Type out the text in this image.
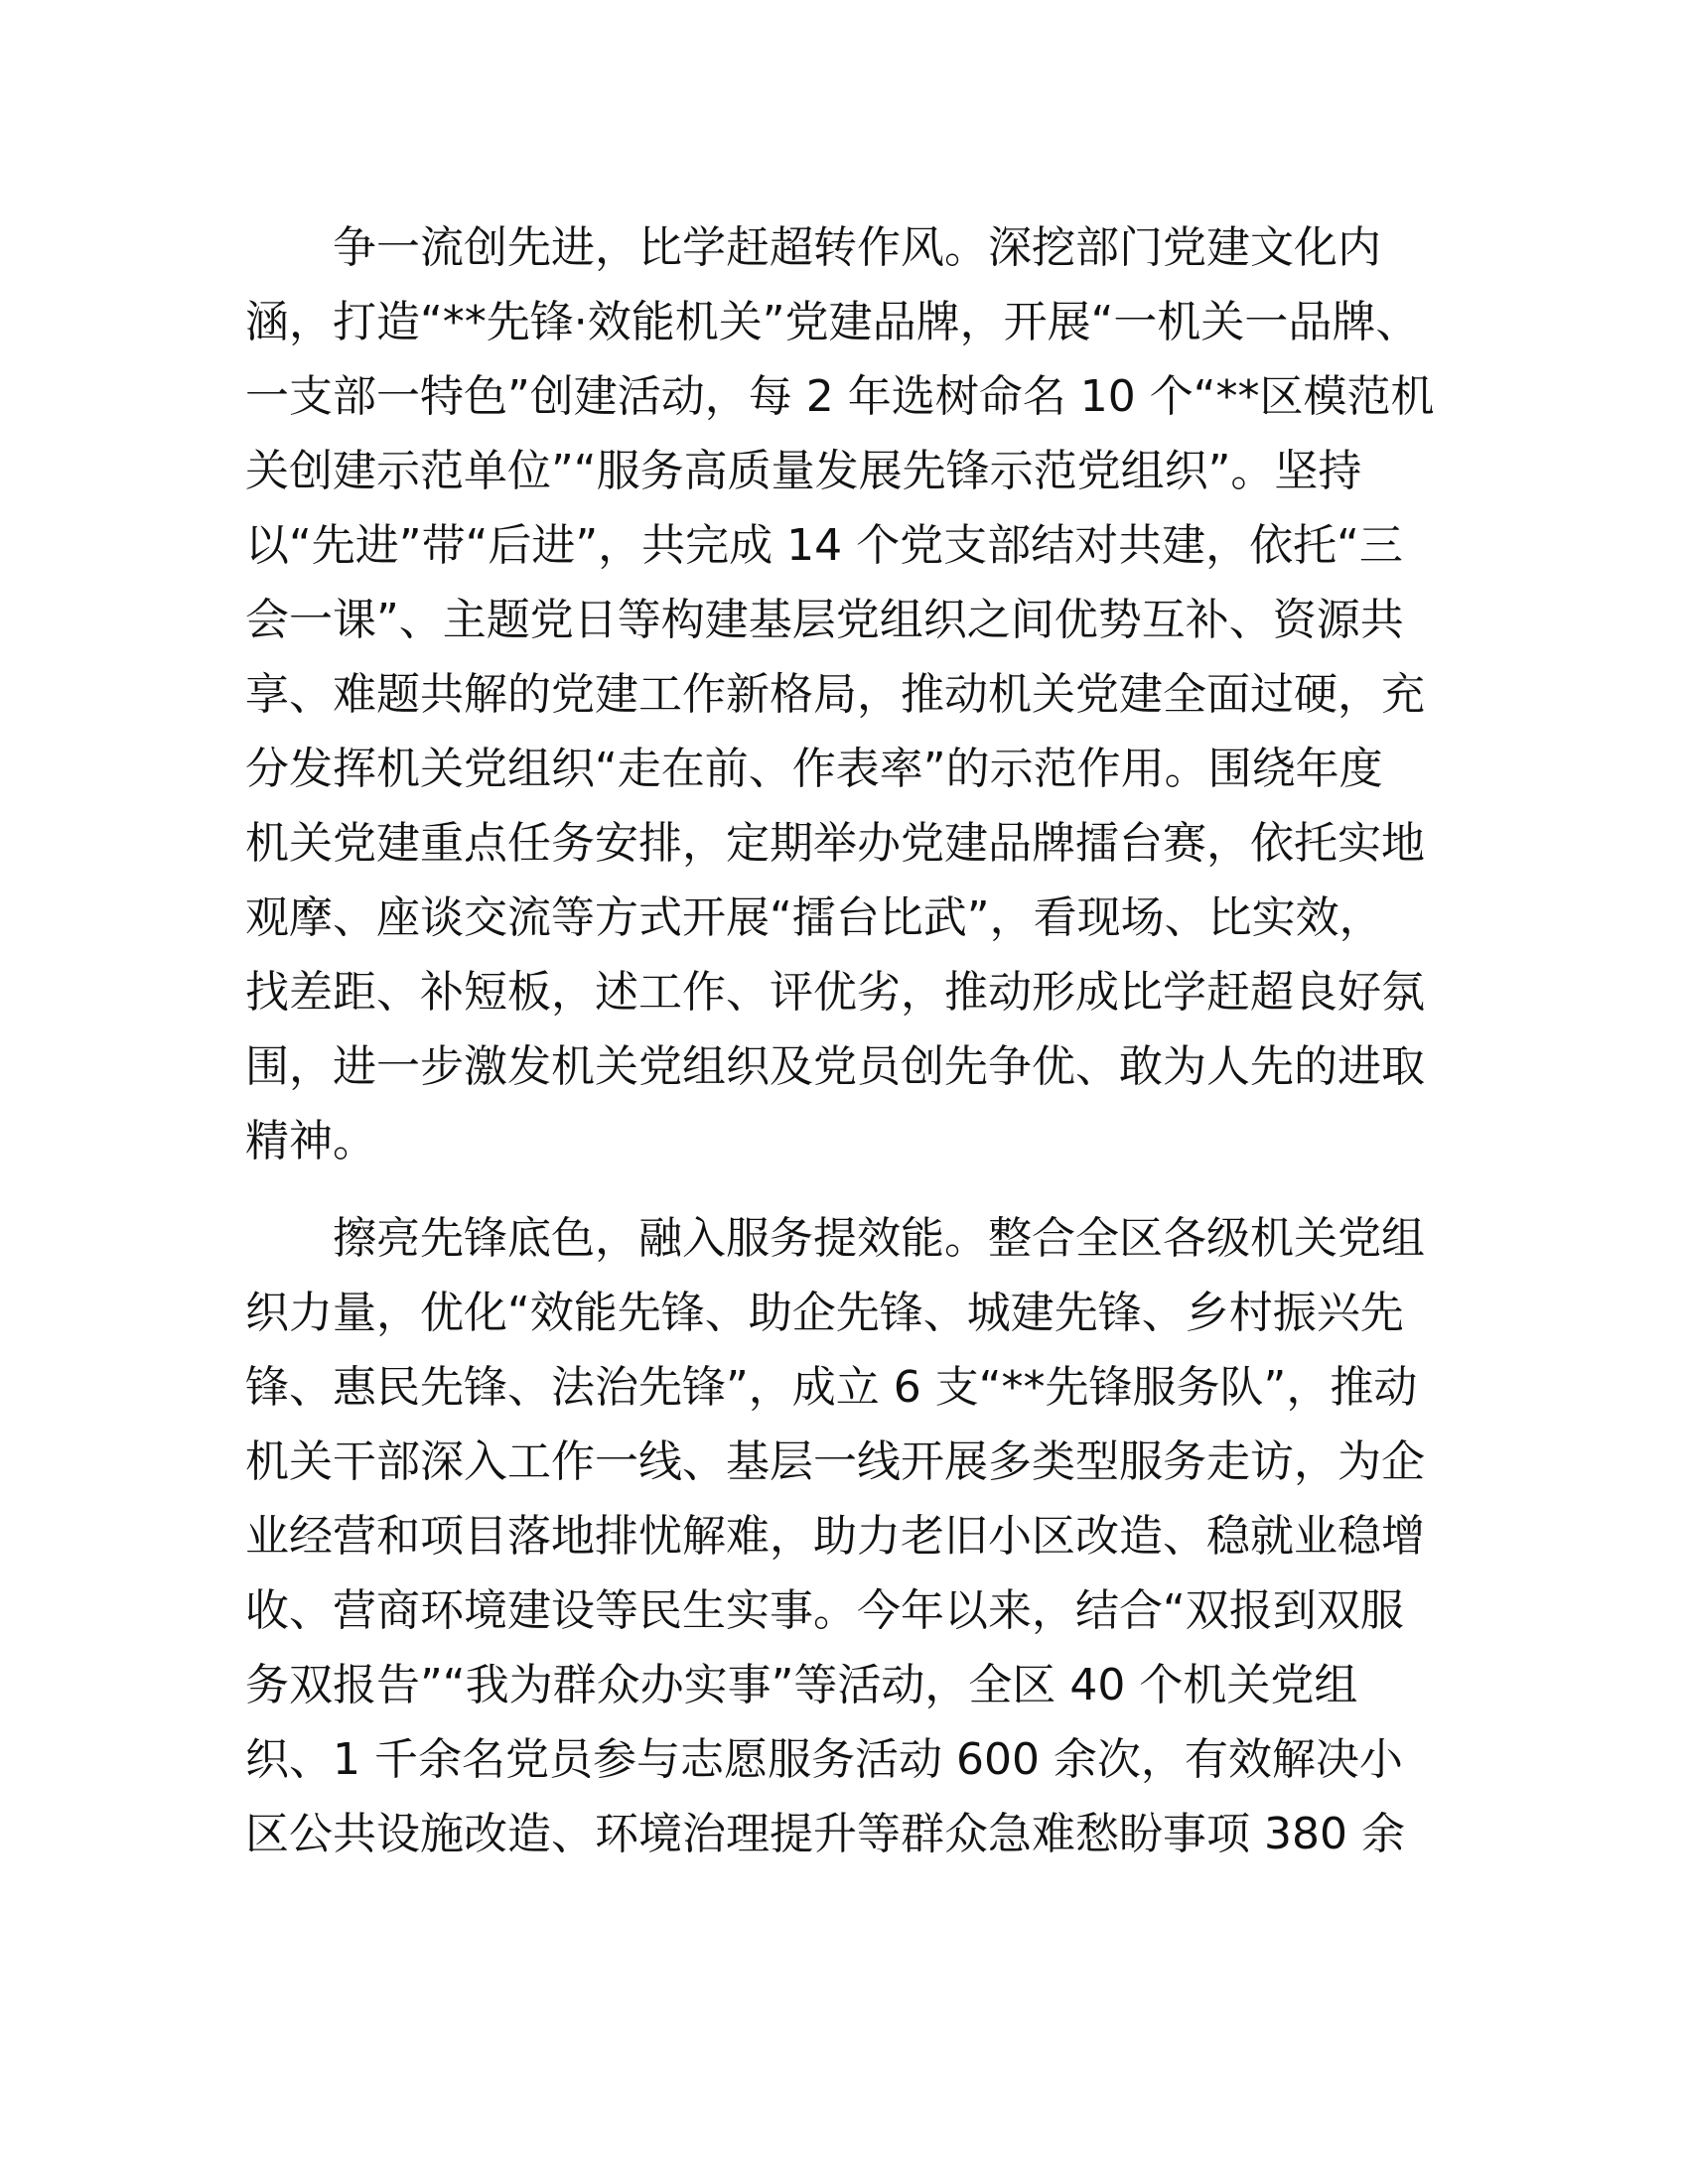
争一流创先进，比学赶超转作风。深挖部门党建文化内
涵，打造“**先锋·效能机关”党建品牌，开展“一机关一品牌、
一支部一特色”创建活动，每 2 年选树命名 10 个“**区模范机
关创建示范单位”“服务高质量发展先锋示范党组织”。坚持
以“先进”带“后进”，共完成 14 个党支部结对共建，依托“三
会一课”、主题党日等构建基层党组织之间优势互补、资源共
享、难题共解的党建工作新格局，推动机关党建全面过硬，充
分发挥机关党组织“走在前、作表率”的示范作用。围绕年度
机关党建重点任务安排，定期举办党建品牌擂台赛，依托实地
观摩、座谈交流等方式开展“擂台比武”，看现场、比实效，
找差距、补短板，述工作、评优劣，推动形成比学赶超良好氛
围，进一步激发机关党组织及党员创先争优、敢为人先的进取
精神。
擦亮先锋底色，融入服务提效能。整合全区各级机关党组
织力量，优化“效能先锋、助企先锋、城建先锋、乡村振兴先
锋、惠民先锋、法治先锋”，成立 6 支“**先锋服务队”，推动
机关干部深入工作一线、基层一线开展多类型服务走访，为企
业经营和项目落地排忧解难，助力老旧小区改造、稳就业稳增
收、营商环境建设等民生实事。今年以来，结合“双报到双服
务双报告”“我为群众办实事”等活动，全区 40 个机关党组
织、1 千余名党员参与志愿服务活动 600 余次，有效解决小
区公共设施改造、环境治理提升等群众急难愁盼事项 380 余
